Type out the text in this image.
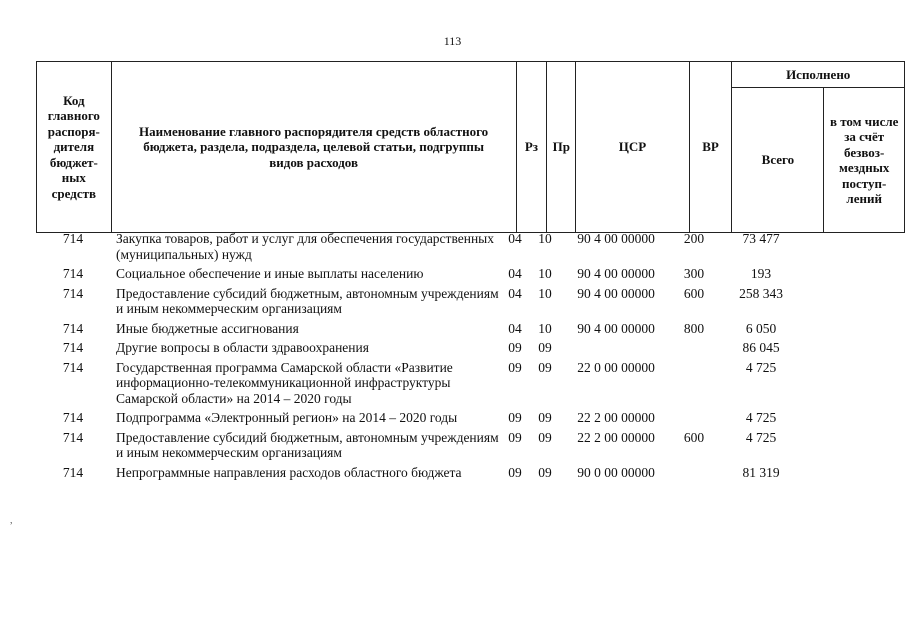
113
Код главного распоря-дителя бюджет-ных средств	Наименование главного распорядителя средств областного бюджета, раздела, подраздела, целевой статьи, подгруппы видов расходов	Рз	Пр	ЦСР	ВР	Исполнено	
						Всего	в том числе за счёт безвоз-мездных поступ-лений
714	Закупка товаров, работ и услуг для обеспечения государственных (муниципальных) нужд	04	10	90 4 00 00000	200	73 477	
714	Социальное обеспечение и иные выплаты населению	04	10	90 4 00 00000	300	193	
714	Предоставление субсидий бюджетным, автономным учреждениям и иным некоммерческим организациям	04	10	90 4 00 00000	600	258 343	
714	Иные бюджетные ассигнования	04	10	90 4 00 00000	800	6 050	
714	Другие вопросы в области здравоохранения	09	09			86 045	
714	Государственная программа Самарской области «Развитие информационно-телекоммуникационной инфраструктуры Самарской области» на 2014 – 2020 годы	09	09	22 0 00 00000		4 725	
714	Подпрограмма «Электронный регион» на 2014 – 2020 годы	09	09	22 2 00 00000		4 725	
714	Предоставление субсидий бюджетным, автономным учреждениям и иным некоммерческим организациям	09	09	22 2 00 00000	600	4 725	
714	Непрограммные направления расходов областного бюджета	09	09	90 0 00 00000		81 319	
,
